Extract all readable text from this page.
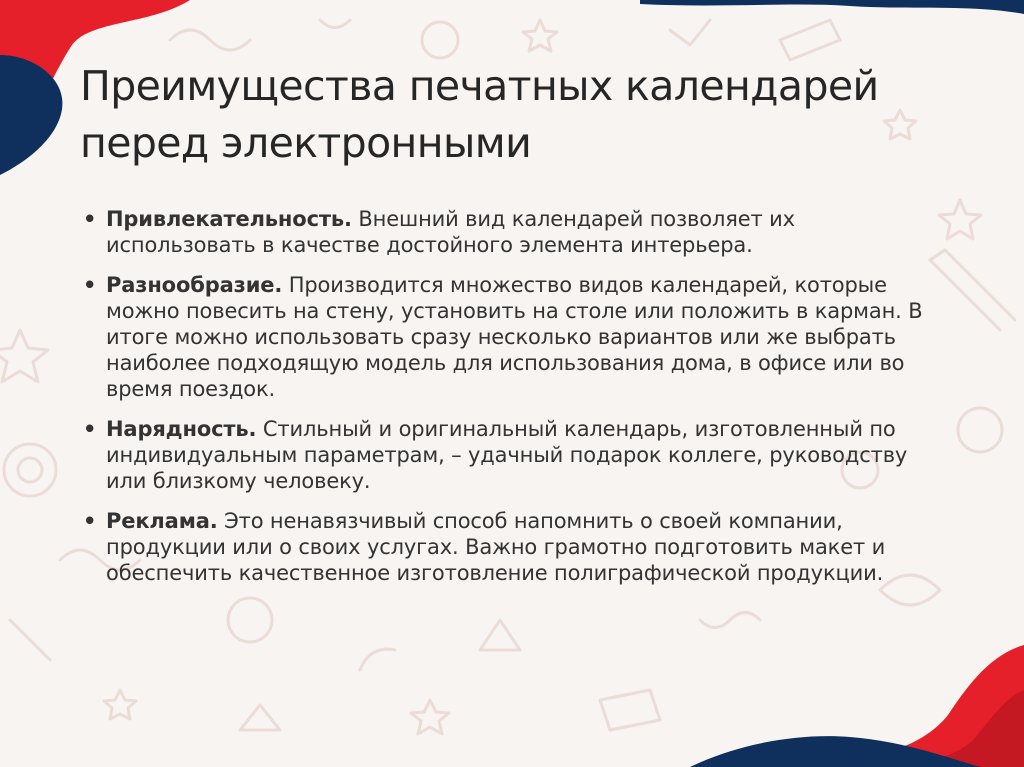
Преимущества печатных календарей перед электронными
• Привлекательность. Внешний вид календарей позволяет их использовать в качестве достойного элемента интерьера.
• Разнообразие. Производится множество видов календарей, которые можно повесить на стену, установить на столе или положить в карман. В итоге можно использовать сразу несколько вариантов или же выбрать наиболее подходящую модель для использования дома, в офисе или во время поездок.
• Нарядность. Стильный и оригинальный календарь, изготовленный по индивидуальным параметрам, – удачный подарок коллеге, руководству или близкому человеку.
• Реклама. Это ненавязчивый способ напомнить о своей компании, продукции или о своих услугах. Важно грамотно подготовить макет и обеспечить качественное изготовление полиграфической продукции.
